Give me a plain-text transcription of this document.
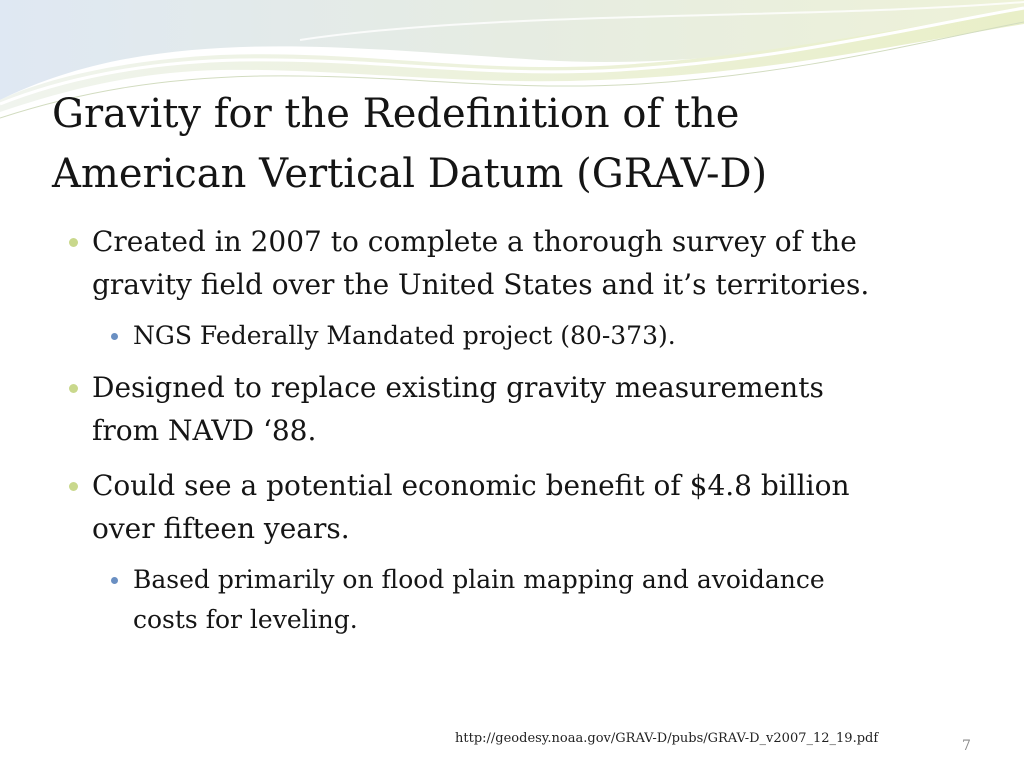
Gravity for the Redefinition of the
American Vertical Datum (GRAV-D)
Created in 2007 to complete a thorough survey of the
gravity field over the United States and it’s territories.
NGS Federally Mandated project (80-373).
Designed to replace existing gravity measurements
from NAVD ‘88.
Could see a potential economic benefit of $4.8 billion
over fifteen years.
Based primarily on flood plain mapping and avoidance
costs for leveling.
http://geodesy.noaa.gov/GRAV-D/pubs/GRAV-D_v2007_12_19.pdf	7
